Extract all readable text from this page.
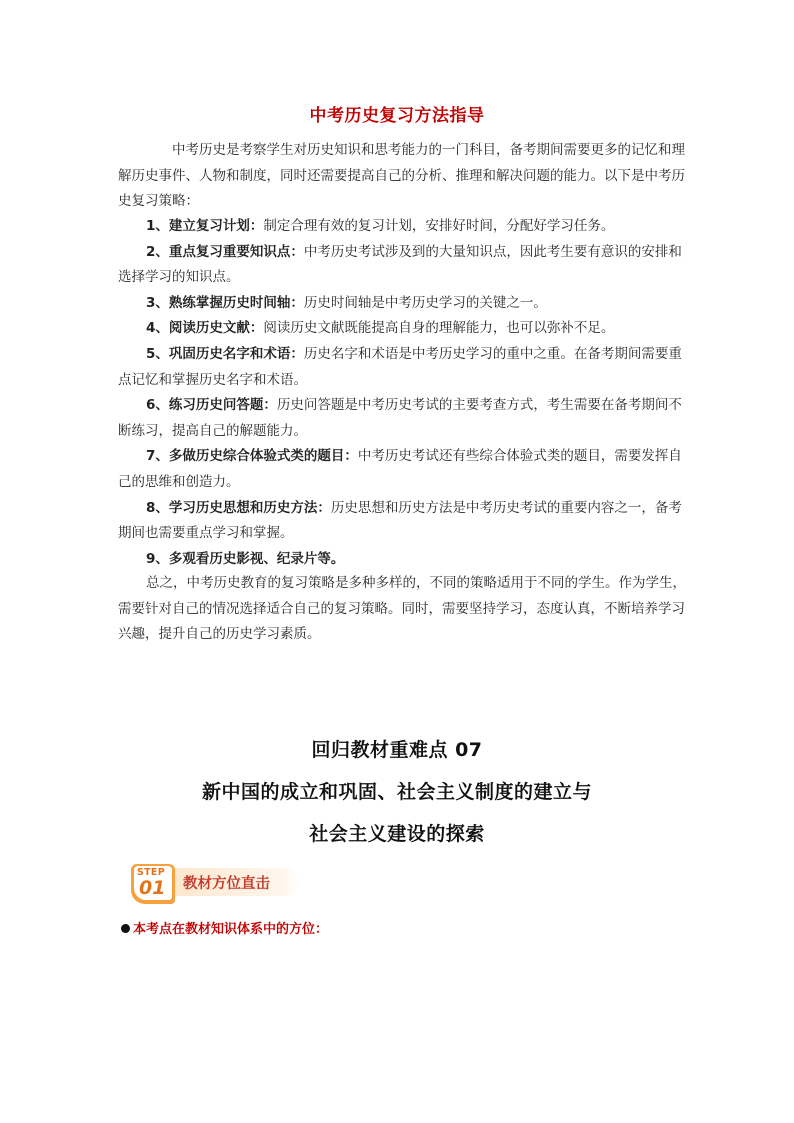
中考历史复习方法指导

中考历史是考察学生对历史知识和思考能力的一门科目，备考期间需要更多的记忆和理解历史事件、人物和制度，同时还需要提高自己的分析、推理和解决问题的能力。以下是中考历史复习策略：

1、建立复习计划：制定合理有效的复习计划，安排好时间，分配好学习任务。

2、重点复习重要知识点：中考历史考试涉及到的大量知识点，因此考生要有意识的安排和选择学习的知识点。

3、熟练掌握历史时间轴：历史时间轴是中考历史学习的关键之一。

4、阅读历史文献：阅读历史文献既能提高自身的理解能力，也可以弥补不足。

5、巩固历史名字和术语：历史名字和术语是中考历史学习的重中之重。在备考期间需要重点记忆和掌握历史名字和术语。

6、练习历史问答题：历史问答题是中考历史考试的主要考查方式，考生需要在备考期间不断练习，提高自己的解题能力。

7、多做历史综合体验式类的题目：中考历史考试还有些综合体验式类的题目，需要发挥自己的思维和创造力。

8、学习历史思想和历史方法：历史思想和历史方法是中考历史考试的重要内容之一，备考期间也需要重点学习和掌握。

9、多观看历史影视、纪录片等。

总之，中考历史教育的复习策略是多种多样的，不同的策略适用于不同的学生。作为学生，需要针对自己的情况选择适合自己的复习策略。同时，需要坚持学习，态度认真，不断培养学习兴趣，提升自己的历史学习素质。

回归教材重难点 07
新中国的成立和巩固、社会主义制度的建立与
社会主义建设的探索
STEP
01 教材方位直击
本考点在教材知识体系中的方位：
